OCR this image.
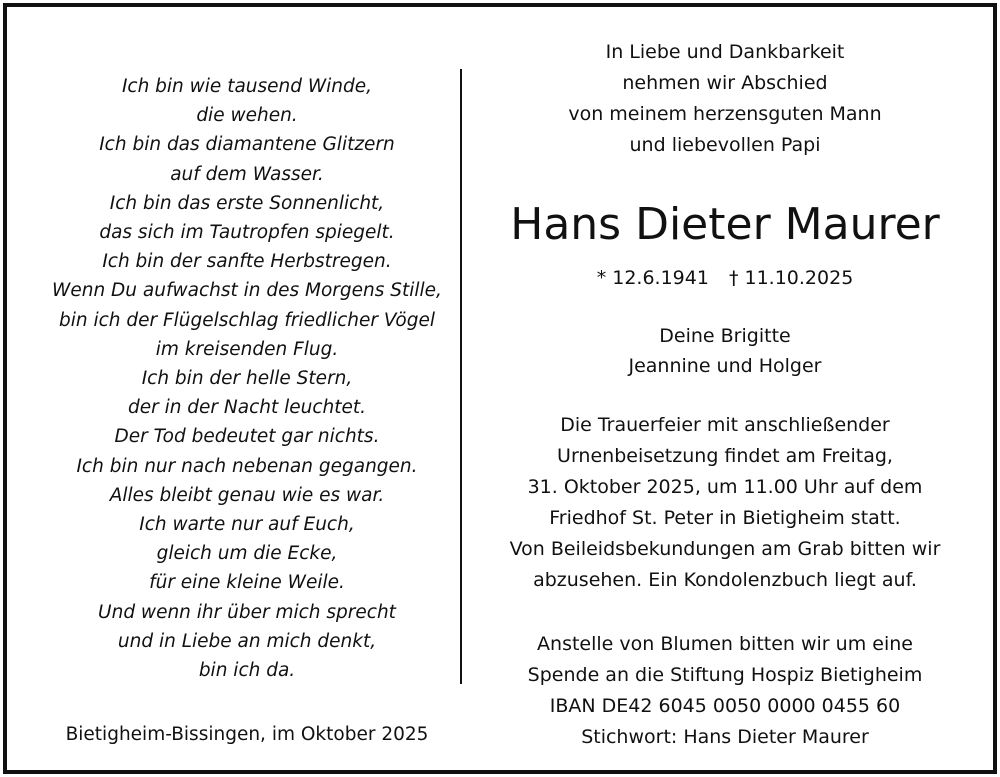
Ich bin wie tausend Winde,
die wehen.
Ich bin das diamantene Glitzern
auf dem Wasser.
Ich bin das erste Sonnenlicht,
das sich im Tautropfen spiegelt.
Ich bin der sanfte Herbstregen.
Wenn Du aufwachst in des Morgens Stille,
bin ich der Flügelschlag friedlicher Vögel
im kreisenden Flug.
Ich bin der helle Stern,
der in der Nacht leuchtet.
Der Tod bedeutet gar nichts.
Ich bin nur nach nebenan gegangen.
Alles bleibt genau wie es war.
Ich warte nur auf Euch,
gleich um die Ecke,
für eine kleine Weile.
Und wenn ihr über mich sprecht
und in Liebe an mich denkt,
bin ich da.
Bietigheim-Bissingen, im Oktober 2025
In Liebe und Dankbarkeit
nehmen wir Abschied
von meinem herzensguten Mann
und liebevollen Papi
Hans Dieter Maurer
* 12.6.1941 † 11.10.2025
Deine Brigitte
Jeannine und Holger
Die Trauerfeier mit anschließender
Urnenbeisetzung findet am Freitag,
31. Oktober 2025, um 11.00 Uhr auf dem
Friedhof St. Peter in Bietigheim statt.
Von Beileidsbekundungen am Grab bitten wir
abzusehen. Ein Kondolenzbuch liegt auf.
Anstelle von Blumen bitten wir um eine
Spende an die Stiftung Hospiz Bietigheim
IBAN DE42 6045 0050 0000 0455 60
Stichwort: Hans Dieter Maurer
